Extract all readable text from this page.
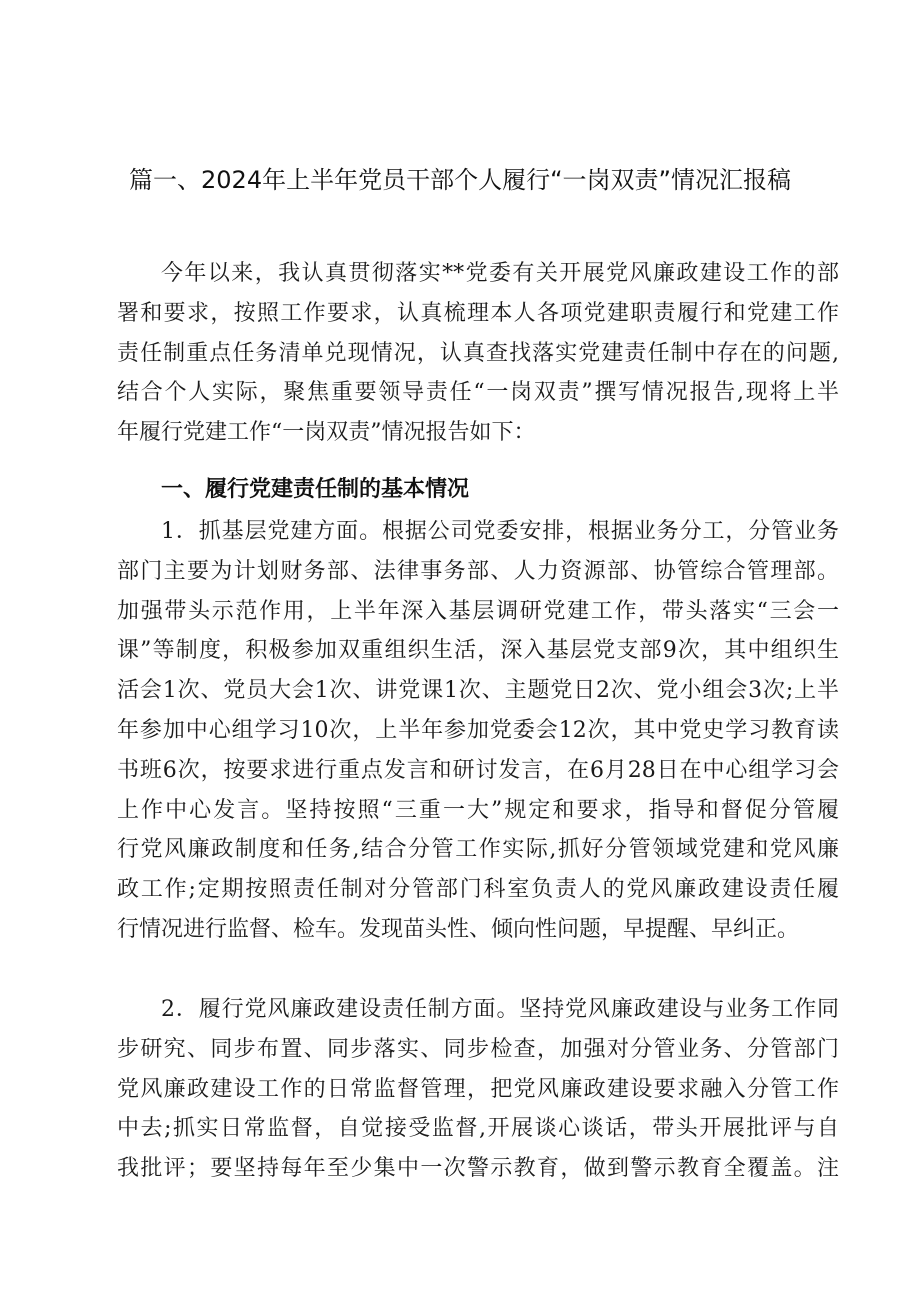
篇一、2024年上半年党员干部个人履行“一岗双责”情况汇报稿
今年以来，我认真贯彻落实**党委有关开展党风廉政建设工作的部
署和要求，按照工作要求，认真梳理本人各项党建职责履行和党建工作
责任制重点任务清单兑现情况，认真查找落实党建责任制中存在的问题,
结合个人实际，聚焦重要领导责任“一岗双责”撰写情况报告,现将上半
年履行党建工作“一岗双责”情况报告如下：
一、履行党建责任制的基本情况
1．抓基层党建方面。根据公司党委安排，根据业务分工，分管业务
部门主要为计划财务部、法律事务部、人力资源部、协管综合管理部。
加强带头示范作用，上半年深入基层调研党建工作，带头落实“三会一
课”等制度，积极参加双重组织生活，深入基层党支部9次，其中组织生
活会1次、党员大会1次、讲党课1次、主题党日2次、党小组会3次;上半
年参加中心组学习10次，上半年参加党委会12次，其中党史学习教育读
书班6次，按要求进行重点发言和研讨发言，在6月28日在中心组学习会
上作中心发言。坚持按照“三重一大”规定和要求，指导和督促分管履
行党风廉政制度和任务,结合分管工作实际,抓好分管领域党建和党风廉
政工作;定期按照责任制对分管部门科室负责人的党风廉政建设责任履
行情况进行监督、检车。发现苗头性、倾向性问题，早提醒、早纠正。
2．履行党风廉政建设责任制方面。坚持党风廉政建设与业务工作同
步研究、同步布置、同步落实、同步检查，加强对分管业务、分管部门
党风廉政建设工作的日常监督管理，把党风廉政建设要求融入分管工作
中去;抓实日常监督，自觉接受监督,开展谈心谈话，带头开展批评与自
我批评；要坚持每年至少集中一次警示教育，做到警示教育全覆盖。注
